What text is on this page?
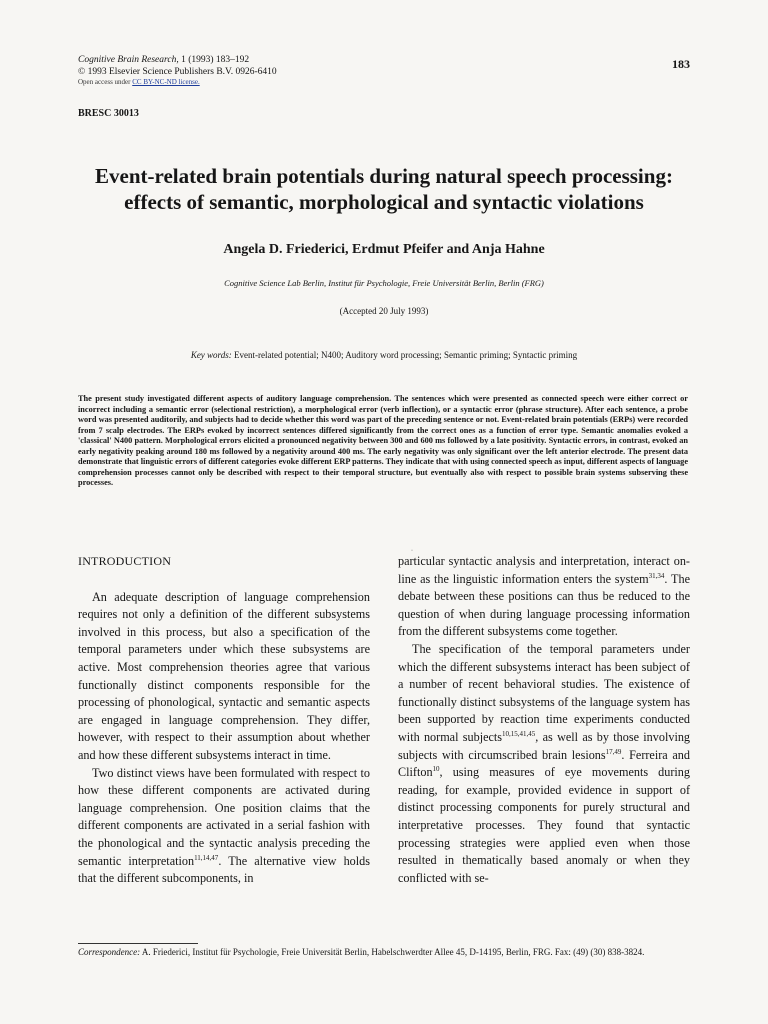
Cognitive Brain Research, 1 (1993) 183–192
© 1993 Elsevier Science Publishers B.V. 0926-6410
Open access under CC BY-NC-ND license.
183
BRESC 30013
Event-related brain potentials during natural speech processing:
effects of semantic, morphological and syntactic violations
Angela D. Friederici, Erdmut Pfeifer and Anja Hahne
Cognitive Science Lab Berlin, Institut für Psychologie, Freie Universität Berlin, Berlin (FRG)
(Accepted 20 July 1993)
Key words: Event-related potential; N400; Auditory word processing; Semantic priming; Syntactic priming
The present study investigated different aspects of auditory language comprehension. The sentences which were presented as connected speech were either correct or incorrect including a semantic error (selectional restriction), a morphological error (verb inflection), or a syntactic error (phrase structure). After each sentence, a probe word was presented auditorily, and subjects had to decide whether this word was part of the preceding sentence or not. Event-related brain potentials (ERPs) were recorded from 7 scalp electrodes. The ERPs evoked by incorrect sentences differed significantly from the correct ones as a function of error type. Semantic anomalies evoked a 'classical' N400 pattern. Morphological errors elicited a pronounced negativity between 300 and 600 ms followed by a late positivity. Syntactic errors, in contrast, evoked an early negativity peaking around 180 ms followed by a negativity around 400 ms. The early negativity was only significant over the left anterior electrode. The present data demonstrate that linguistic errors of different categories evoke different ERP patterns. They indicate that with using connected speech as input, different aspects of language comprehension processes cannot only be described with respect to their temporal structure, but eventually also with respect to possible brain systems subserving these processes.
·

INTRODUCTION

An adequate description of language comprehension requires not only a definition of the different subsystems involved in this process, but also a specification of the temporal parameters under which these subsystems are active. Most comprehension theories agree that various functionally distinct components responsible for the processing of phonological, syntactic and semantic aspects are engaged in language comprehension. They differ, however, with respect to their assumption about whether and how these different subsystems interact in time.

Two distinct views have been formulated with respect to how these different components are activated during language comprehension. One position claims that the different components are activated in a serial fashion with the phonological and the syntactic analysis preceding the semantic interpretation$^{11,14,47}$. The alternative view holds that the different subcomponents, in

particular syntactic analysis and interpretation, interact on-line as the linguistic information enters the system$^{31,34}$. The debate between these positions can thus be reduced to the question of when during language processing information from the different subsystems come together.

The specification of the temporal parameters under which the different subsystems interact has been subject of a number of recent behavioral studies. The existence of functionally distinct subsystems of the language system has been supported by reaction time experiments conducted with normal subjects$^{10,15,41,45}$, as well as by those involving subjects with circumscribed brain lesions$^{17,49}$. Ferreira and Clifton$^{10}$, using measures of eye movements during reading, for example, provided evidence in support of distinct processing components for purely structural and interpretative processes. They found that syntactic processing strategies were applied even when those resulted in thematically based anomaly or when they conflicted with se-

Correspondence: A. Friederici, Institut für Psychologie, Freie Universität Berlin, Habelschwerdter Allee 45, D-14195, Berlin, FRG. Fax: (49) (30) 838-3824.
